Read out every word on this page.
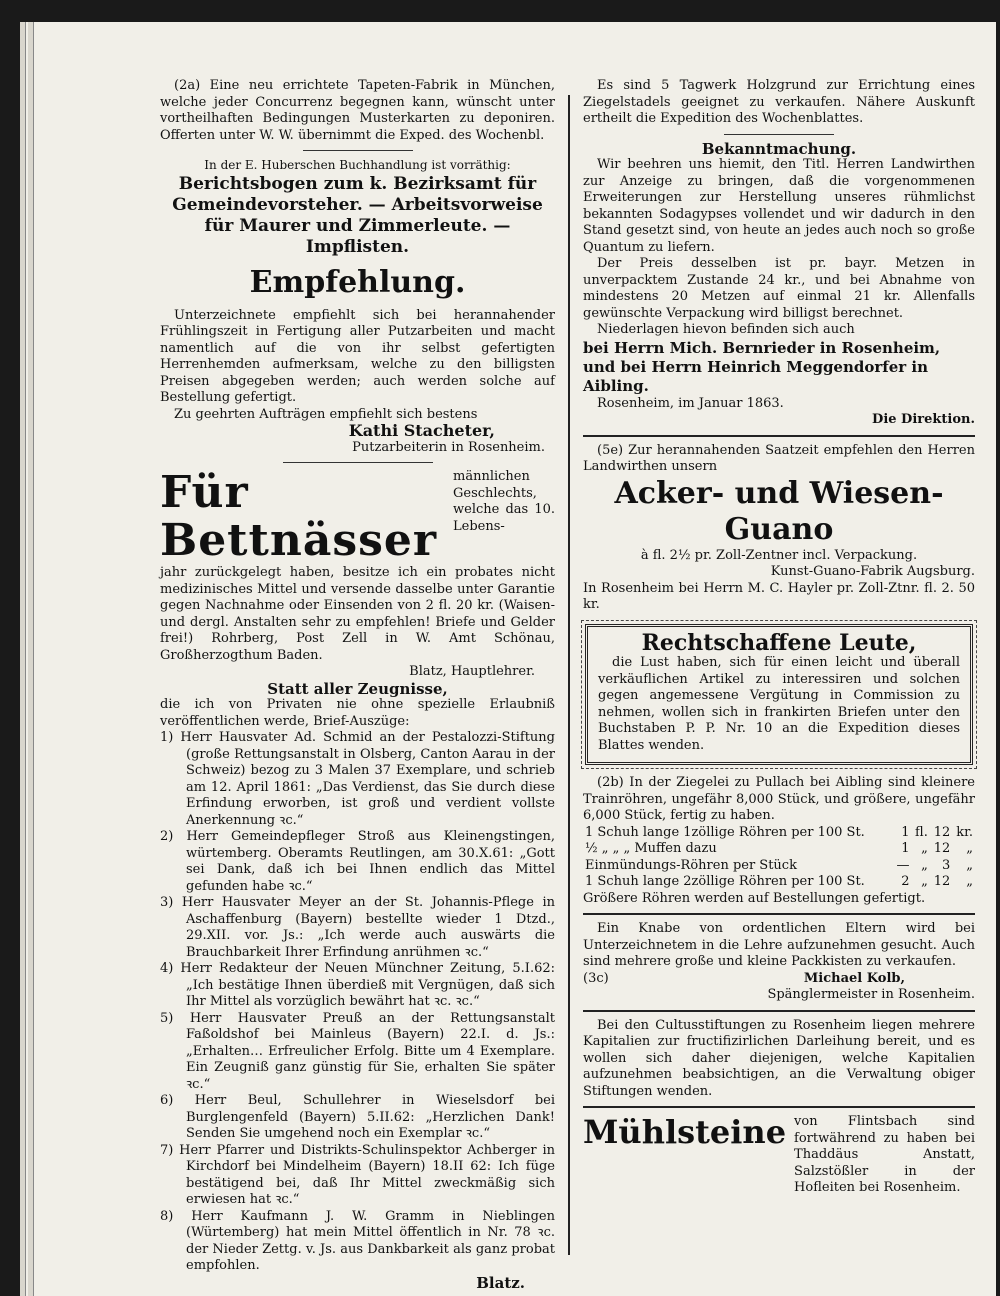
(2a) Eine neu errichtete Tapeten-Fabrik in München, welche jeder Concurrenz begegnen kann, wünscht unter vortheilhaften Bedingungen Musterkarten zu deponiren. Offerten unter W. W. übernimmt die Exped. des Wochenbl.

In der E. Huberschen Buchhandlung ist vorräthig:

Berichtsbogen zum k. Bezirksamt für Gemeindevorsteher. — Arbeitsvorweise für Maurer und Zimmerleute. — Impflisten.

Empfehlung.

Unterzeichnete empfiehlt sich bei herannahender Frühlingszeit in Fertigung aller Putzarbeiten und macht namentlich auf die von ihr selbst gefertigten Herrenhemden aufmerksam, welche zu den billigsten Preisen abgegeben werden; auch werden solche auf Bestellung gefertigt.

Zu geehrten Aufträgen empfiehlt sich bestens

Kathi Stacheter,

Putzarbeiterin in Rosenheim.

Für Bettnässer

männlichen Geschlechts, welche das 10. Lebens-

jahr zurückgelegt haben, besitze ich ein probates nicht medizinisches Mittel und versende dasselbe unter Garantie gegen Nachnahme oder Einsenden von 2 fl. 20 kr. (Waisen- und dergl. Anstalten sehr zu empfehlen! Briefe und Gelder frei!) Rohrberg, Post Zell in W. Amt Schönau, Großherzogthum Baden.

Blatz, Hauptlehrer.

Statt aller Zeugnisse,

die ich von Privaten nie ohne spezielle Erlaubniß veröffentlichen werde, Brief-Auszüge:

1) Herr Hausvater Ad. Schmid an der Pestalozzi-Stiftung (große Rettungsanstalt in Olsberg, Canton Aarau in der Schweiz) bezog zu 3 Malen 37 Exemplare, und schrieb am 12. April 1861: „Das Verdienst, das Sie durch diese Erfindung erworben, ist groß und verdient vollste Anerkennung ꝛc.“

2) Herr Gemeindepfleger Stroß aus Kleinengstingen, würtemberg. Oberamts Reutlingen, am 30.X.61: „Gott sei Dank, daß ich bei Ihnen endlich das Mittel gefunden habe ꝛc.“

3) Herr Hausvater Meyer an der St. Johannis-Pflege in Aschaffenburg (Bayern) bestellte wieder 1 Dtzd., 29.XII. vor. Js.: „Ich werde auch auswärts die Brauchbarkeit Ihrer Erfindung anrühmen ꝛc.“

4) Herr Redakteur der Neuen Münchner Zeitung, 5.I.62: „Ich bestätige Ihnen überdieß mit Vergnügen, daß sich Ihr Mittel als vorzüglich bewährt hat ꝛc. ꝛc.“

5) Herr Hausvater Preuß an der Rettungsanstalt Faßoldshof bei Mainleus (Bayern) 22.I. d. Js.: „Erhalten… Erfreulicher Erfolg. Bitte um 4 Exemplare. Ein Zeugniß ganz günstig für Sie, erhalten Sie später ꝛc.“

6) Herr Beul, Schullehrer in Wieselsdorf bei Burglengenfeld (Bayern) 5.II.62: „Herzlichen Dank! Senden Sie umgehend noch ein Exemplar ꝛc.“

7) Herr Pfarrer und Distrikts-Schulinspektor Achberger in Kirchdorf bei Mindelheim (Bayern) 18.II 62: Ich füge bestätigend bei, daß Ihr Mittel zweckmäßig sich erwiesen hat ꝛc.“

8) Herr Kaufmann J. W. Gramm in Nieblingen (Würtemberg) hat mein Mittel öffentlich in Nr. 78 ꝛc. der Nieder Zettg. v. Js. aus Dankbarkeit als ganz probat empfohlen.

Blatz.

Es sind 5 Tagwerk Holzgrund zur Errichtung eines Ziegelstadels geeignet zu verkaufen. Nähere Auskunft ertheilt die Expedition des Wochenblattes.

Bekanntmachung.

Wir beehren uns hiemit, den Titl. Herren Landwirthen zur Anzeige zu bringen, daß die vorgenommenen Erweiterungen zur Herstellung unseres rühmlichst bekannten Sodagypses vollendet und wir dadurch in den Stand gesetzt sind, von heute an jedes auch noch so große Quantum zu liefern.

Der Preis desselben ist pr. bayr. Metzen in unverpacktem Zustande 24 kr., und bei Abnahme von mindestens 20 Metzen auf einmal 21 kr. Allenfalls gewünschte Verpackung wird billigst berechnet.

Niederlagen hievon befinden sich auch

bei Herrn Mich. Bernrieder in Rosenheim, und bei Herrn Heinrich Meggendorfer in Aibling.

Rosenheim, im Januar 1863.

Die Direktion.

(5e) Zur herannahenden Saatzeit empfehlen den Herren Landwirthen unsern

Acker- und Wiesen-Guano

à fl. 2½ pr. Zoll-Zentner incl. Verpackung.

Kunst-Guano-Fabrik Augsburg.

In Rosenheim bei Herrn M. C. Hayler pr. Zoll-Ztnr. fl. 2. 50 kr.

Rechtschaffene Leute,

die Lust haben, sich für einen leicht und überall verkäuflichen Artikel zu interessiren und solchen gegen angemessene Vergütung in Commission zu nehmen, wollen sich in frankirten Briefen unter den Buchstaben P. P. Nr. 10 an die Expedition dieses Blattes wenden.

(2b) In der Ziegelei zu Pullach bei Aibling sind kleinere Trainröhren, ungefähr 8,000 Stück, und größere, ungefähr 6,000 Stück, fertig zu haben.

1 Schuh lange 1zöllige Röhren per 100 St.	1	fl.	12	kr.
½ „ „ „ Muffen dazu	1	„	12	„
Einmündungs-Röhren per Stück	—	„	3	„
1 Schuh lange 2zöllige Röhren per 100 St.	2	„	12	„

Größere Röhren werden auf Bestellungen gefertigt.

Ein Knabe von ordentlichen Eltern wird bei Unterzeichnetem in die Lehre aufzunehmen gesucht. Auch sind mehrere große und kleine Packkisten zu verkaufen.

(3c)	Michael Kolb,

Spänglermeister in Rosenheim.

Bei den Cultusstiftungen zu Rosenheim liegen mehrere Kapitalien zur fructifizirlichen Darleihung bereit, und es wollen sich daher diejenigen, welche Kapitalien aufzunehmen beabsichtigen, an die Verwaltung obiger Stiftungen wenden.

Mühlsteine von Flintsbach sind fortwährend zu haben bei Thaddäus Anstatt, Salzstößler in der Hofleiten bei Rosenheim.
